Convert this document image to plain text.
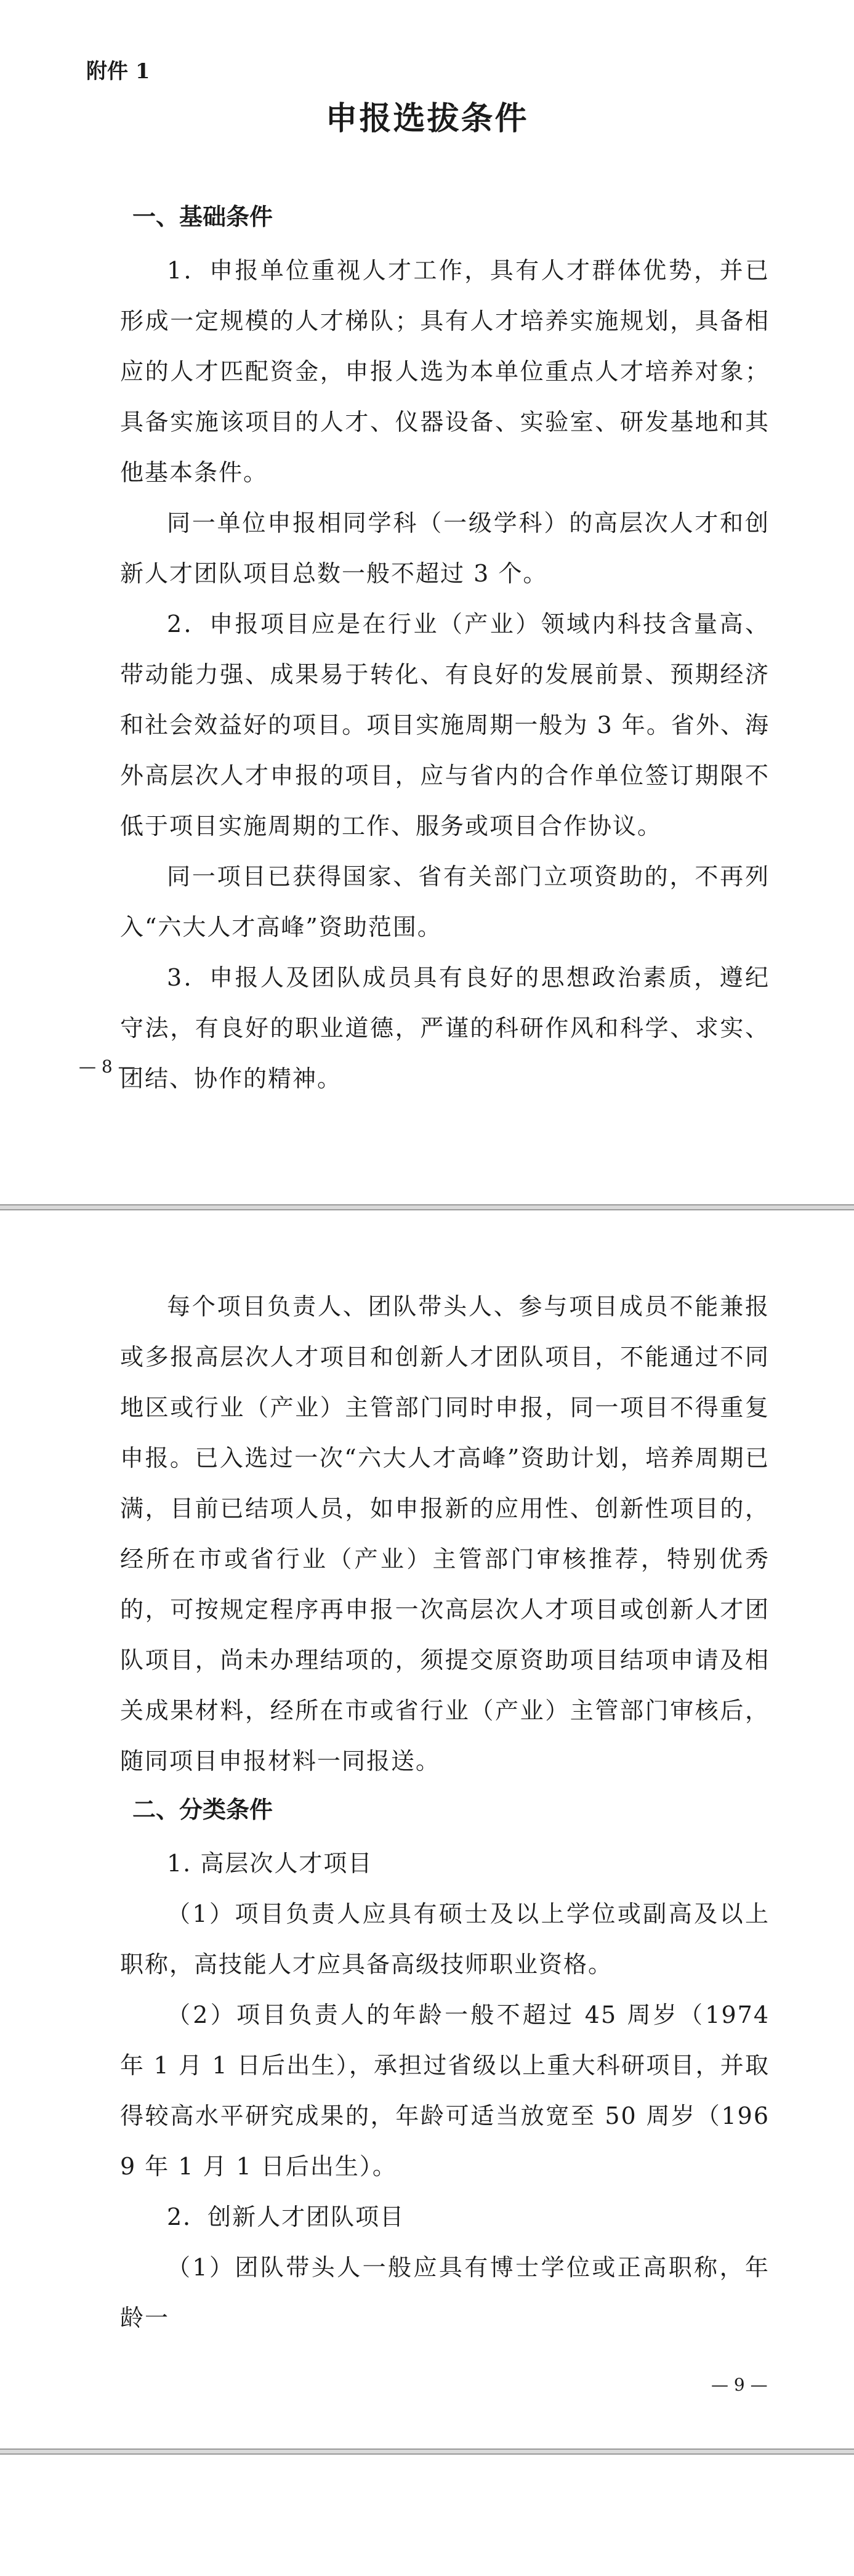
附件 1
申报选拔条件

一、基础条件

1．申报单位重视人才工作，具有人才群体优势，并已形成一定规模的人才梯队；具有人才培养实施规划，具备相应的人才匹配资金，申报人选为本单位重点人才培养对象；具备实施该项目的人才、仪器设备、实验室、研发基地和其他基本条件。

同一单位申报相同学科（一级学科）的高层次人才和创新人才团队项目总数一般不超过 3 个。

2．申报项目应是在行业（产业）领域内科技含量高、带动能力强、成果易于转化、有良好的发展前景、预期经济和社会效益好的项目。项目实施周期一般为 3 年。省外、海外高层次人才申报的项目，应与省内的合作单位签订期限不低于项目实施周期的工作、服务或项目合作协议。

同一项目已获得国家、省有关部门立项资助的，不再列入“六大人才高峰”资助范围。

3．申报人及团队成员具有良好的思想政治素质，遵纪守法，有良好的职业道德，严谨的科研作风和科学、求实、团结、协作的精神。

— 8 —

每个项目负责人、团队带头人、参与项目成员不能兼报或多报高层次人才项目和创新人才团队项目，不能通过不同地区或行业（产业）主管部门同时申报，同一项目不得重复申报。已入选过一次“六大人才高峰”资助计划，培养周期已满，目前已结项人员，如申报新的应用性、创新性项目的，经所在市或省行业（产业）主管部门审核推荐，特别优秀的，可按规定程序再申报一次高层次人才项目或创新人才团队项目，尚未办理结项的，须提交原资助项目结项申请及相关成果材料，经所在市或省行业（产业）主管部门审核后，随同项目申报材料一同报送。

二、分类条件

1. 高层次人才项目

（1）项目负责人应具有硕士及以上学位或副高及以上职称，高技能人才应具备高级技师职业资格。

（2）项目负责人的年龄一般不超过 45 周岁（1974 年 1 月 1 日后出生），承担过省级以上重大科研项目，并取得较高水平研究成果的，年龄可适当放宽至 50 周岁（1969 年 1 月 1 日后出生）。

2．创新人才团队项目

（1）团队带头人一般应具有博士学位或正高职称，年龄一

— 9 —
